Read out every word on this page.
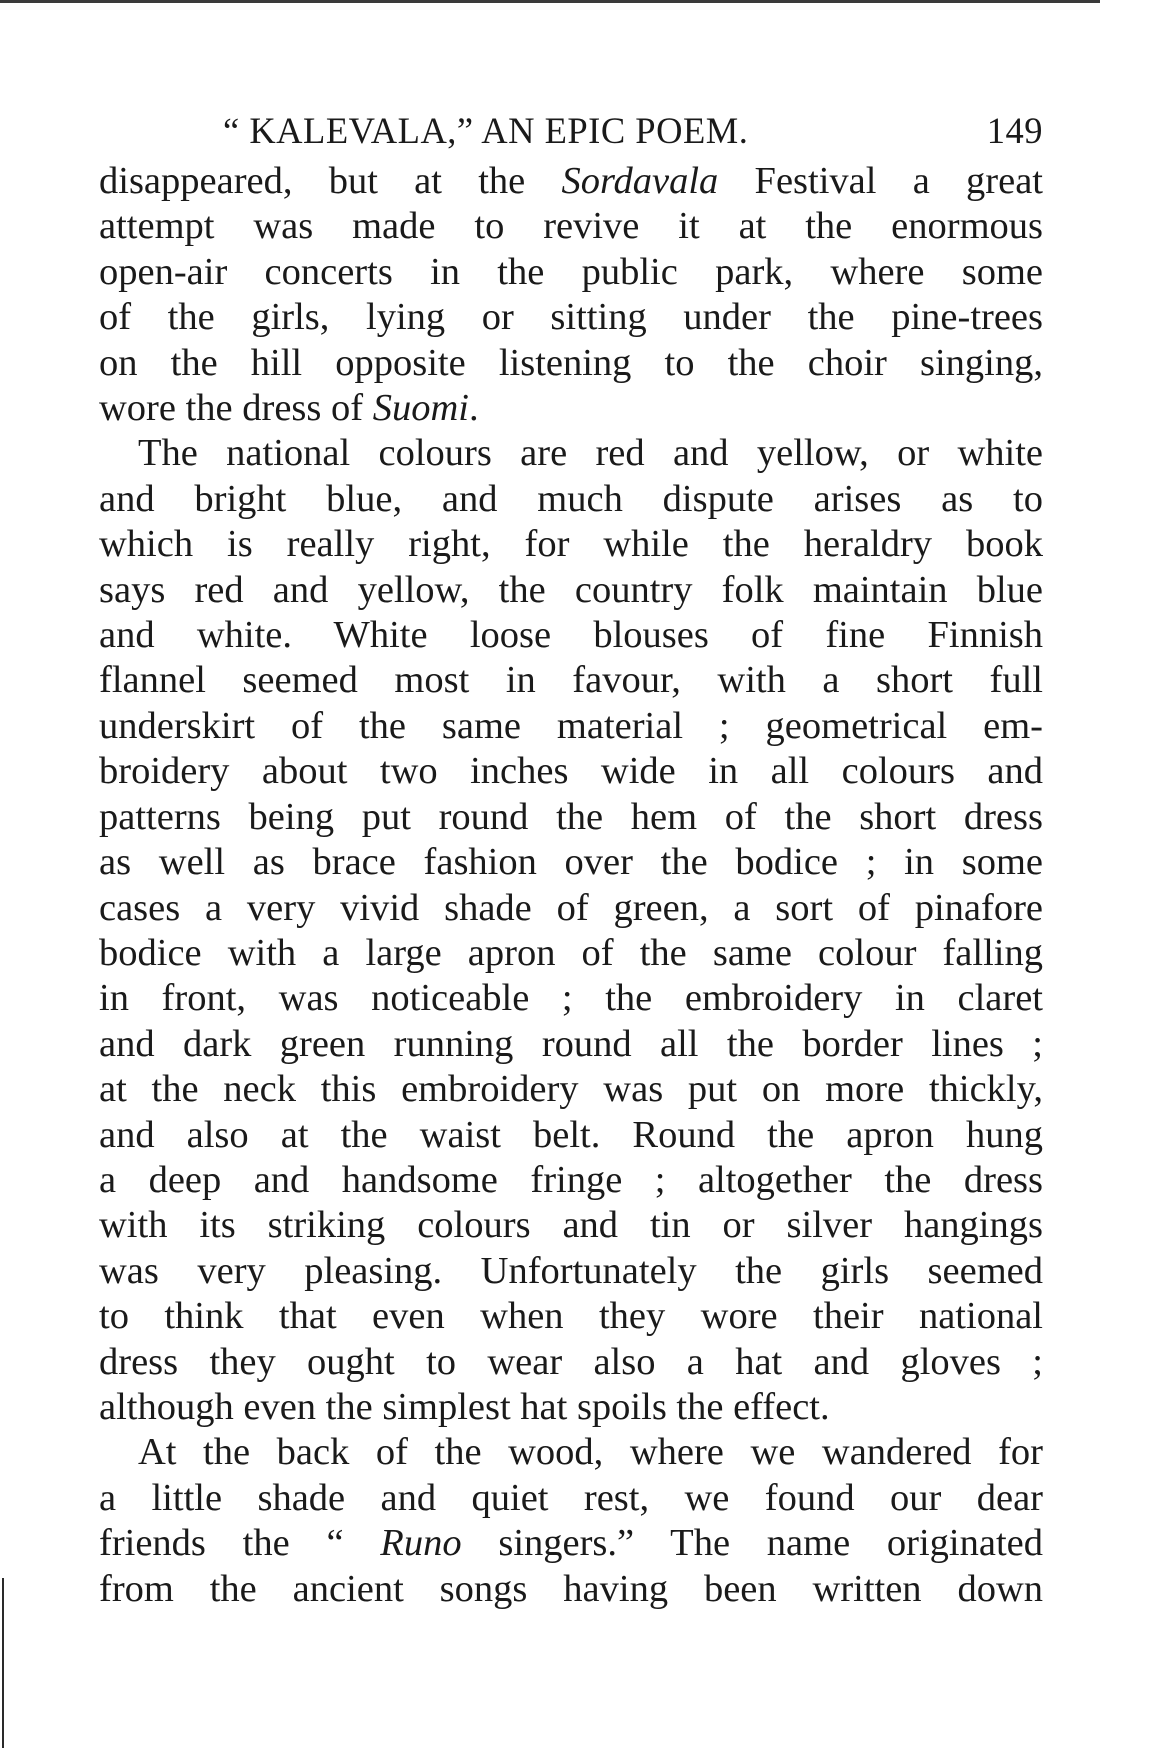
“ KALEVALA,” AN EPIC POEM.	149

disappeared, but at the Sordavala Festival a great
attempt was made to revive it at the enormous
open-air concerts in the public park, where some
of the girls, lying or sitting under the pine-trees
on the hill opposite listening to the choir singing,
wore the dress of Suomi.

The national colours are red and yellow, or white
and bright blue, and much dispute arises as to
which is really right, for while the heraldry book
says red and yellow, the country folk maintain blue
and white. White loose blouses of fine Finnish
flannel seemed most in favour, with a short full
underskirt of the same material ; geometrical em-
broidery about two inches wide in all colours and
patterns being put round the hem of the short dress
as well as brace fashion over the bodice ; in some
cases a very vivid shade of green, a sort of pinafore
bodice with a large apron of the same colour falling
in front, was noticeable ; the embroidery in claret
and dark green running round all the border lines ;
at the neck this embroidery was put on more thickly,
and also at the waist belt. Round the apron hung
a deep and handsome fringe ; altogether the dress
with its striking colours and tin or silver hangings
was very pleasing. Unfortunately the girls seemed
to think that even when they wore their national
dress they ought to wear also a hat and gloves ;
although even the simplest hat spoils the effect.

At the back of the wood, where we wandered for
a little shade and quiet rest, we found our dear
friends the “ Runo singers.” The name originated
from the ancient songs having been written down
